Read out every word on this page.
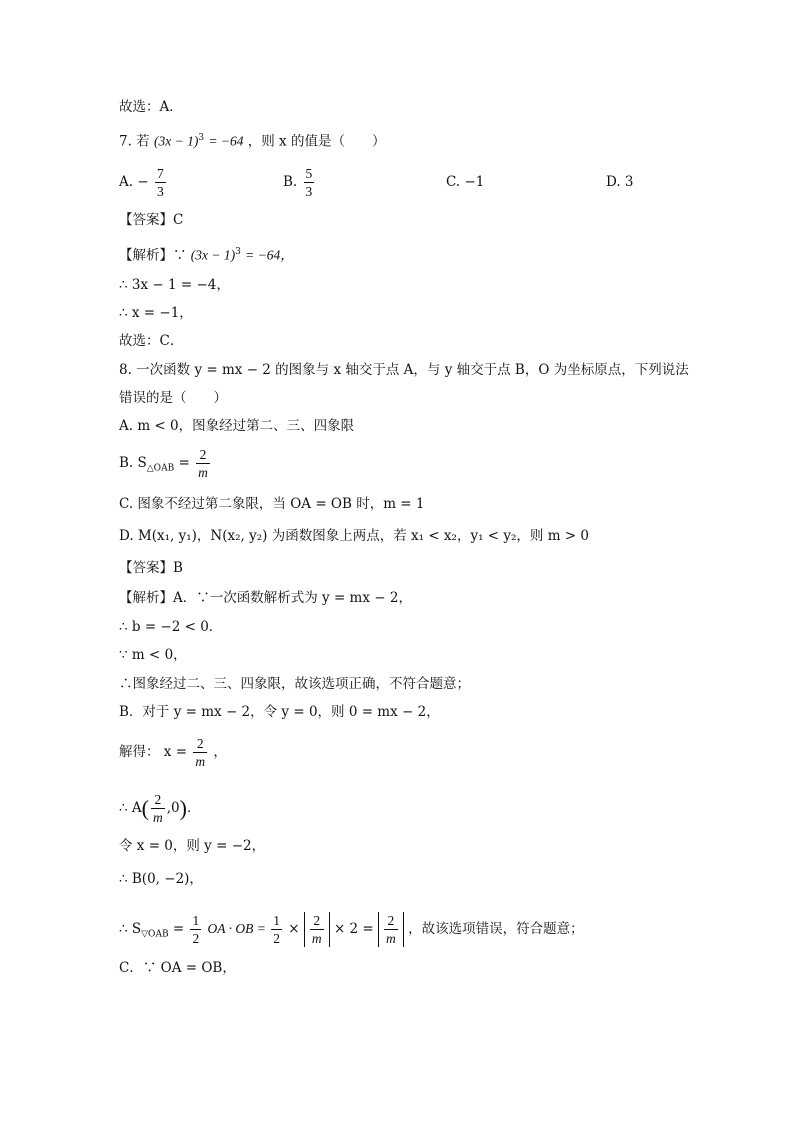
故选：A．
7. 若 $(3x - 1)^3 = -64$ ，则 x 的值是（　　）
A. − $\frac{7}{3}$	B. $\frac{5}{3}$	C. −1	D. 3
【答案】C
【解析】∵ $(3x - 1)^3 = -64$，
∴ 3x − 1 = −4，
∴ x = −1，
故选：C．
8. 一次函数 y = mx − 2 的图象与 x 轴交于点 A，与 y 轴交于点 B，O 为坐标原点，下列说法
错误的是（　　）
A. m < 0，图象经过第二、三、四象限
B. $S_{\triangle OAB} = \frac{2}{m}$
C. 图象不经过第二象限，当 OA = OB 时，m = 1
D. M(x₁, y₁)，N(x₂, y₂) 为函数图象上两点，若 x₁ < x₂，y₁ < y₂，则 m > 0
【答案】B
【解析】A．∵一次函数解析式为 y = mx − 2，
∴ b = −2 < 0．
∵ m < 0，
∴图象经过二、三、四象限，故该选项正确，不符合题意；
B．对于 y = mx − 2，令 y = 0，则 0 = mx − 2，
解得： $x = \frac{2}{m}$ ，
∴ $A( \frac{2}{m} ,0)$．
令 x = 0，则 y = −2，
∴ B(0, −2)，
∴ $S_{▽OAB} = \frac{1}{2}$ OA · OB = $\frac{1}{2} \times \frac{2}{m} \times 2 = \frac{2}{m}$ ，故该选项错误，符合题意；
C．∵ OA = OB，
